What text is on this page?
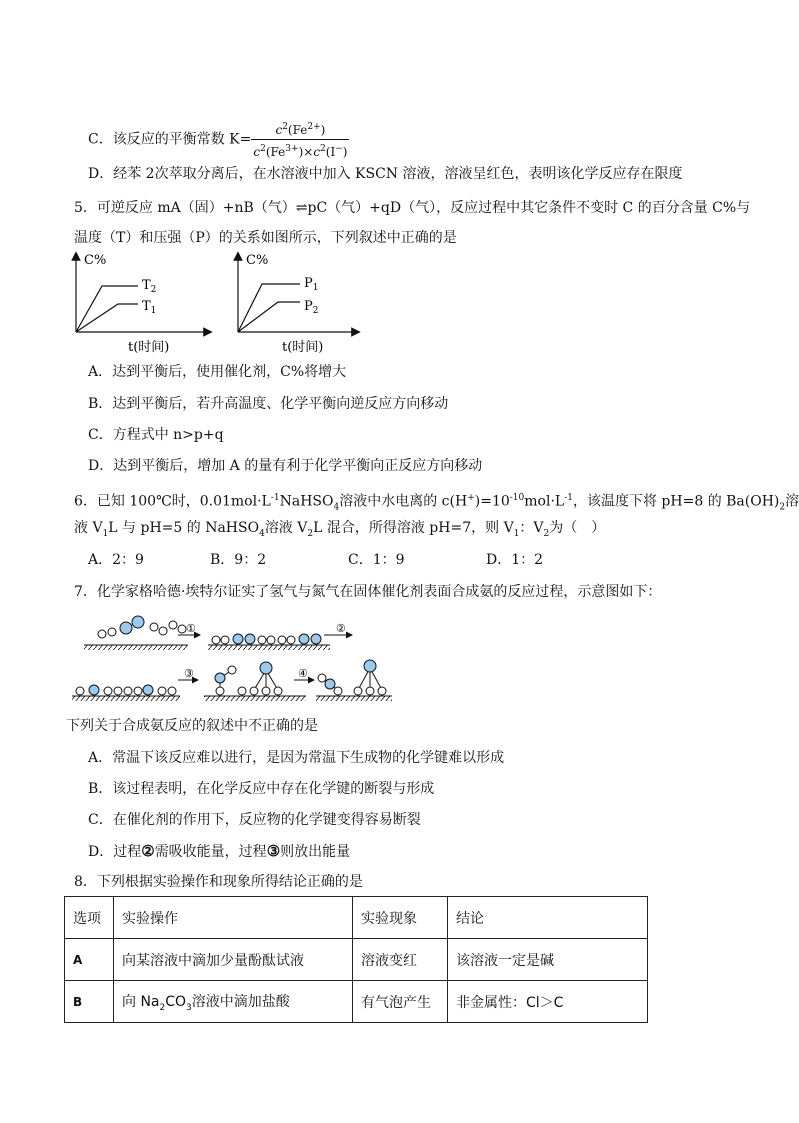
C．该反应的平衡常数 $K= \frac{c^2(Fe^{2+})}{c^2(Fe^{3+})\times c^2(I^-)}$
D．经苯 2次萃取分离后，在水溶液中加入 KSCN 溶液，溶液呈红色，表明该化学反应存在限度
5．可逆反应 mA（固）+nB（气）⇌pC（气）+qD（气），反应过程中其它条件不变时 C 的百分含量 C%与
温度（T）和压强（P）的关系如图所示，下列叙述中正确的是
C%
$T_2$
$T_1$
t(时间)
C%
$P_1$
$P_2$
t(时间)
A．达到平衡后，使用催化剂，C%将增大
B．达到平衡后，若升高温度、化学平衡向逆反应方向移动
C．方程式中 n>p+q
D．达到平衡后，增加 A 的量有利于化学平衡向正反应方向移动
6．已知 100℃时，$0.01mol\cdot L^{-1}NaHSO_4$溶液中水电离的 $c(H^+)=10^{-10}mol\cdot L^{-1}$，该温度下将 pH=8 的 $Ba(OH)_2$溶
液 $V_1L$ 与 pH=5 的 NaHSO$_4$溶液 $V_2L$ 混合，所得溶液 pH=7，则 $V_1$：$V_2$为（　）
A．2：9	B．9：2	C．1：9	D．1：2
7．化学家格哈德·埃特尔证实了氢气与氮气在固体催化剂表面合成氨的反应过程，示意图如下：
①	②
③	④
下列关于合成氨反应的叙述中不正确的是
A．常温下该反应难以进行，是因为常温下生成物的化学键难以形成
B．该过程表明，在化学反应中存在化学键的断裂与形成
C．在催化剂的作用下，反应物的化学键变得容易断裂
D．过程②需吸收能量，过程③则放出能量
8．下列根据实验操作和现象所得结论正确的是
选项	实验操作	实验现象	结论
A	向某溶液中滴加少量酚酞试液	溶液变红	该溶液一定是碱
B	向 $Na_2CO_3$溶液中滴加盐酸	有气泡产生	非金属性：Cl＞C
